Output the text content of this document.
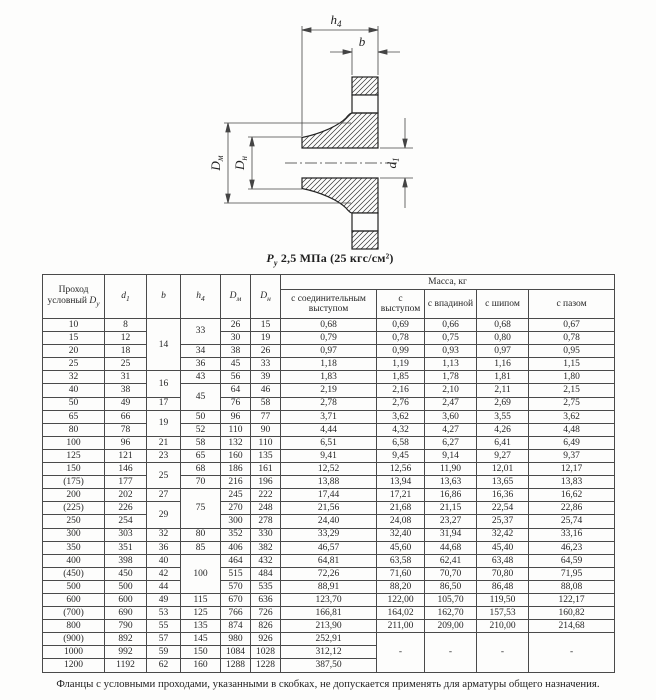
$h_4$
b
$D_м$
$D_н$
$d_1$
$P_у$ 2,5 МПа (25 кгс/см²)
Проход
условный $D_у$	$d_1$	b	$h_4$	$D_м$	$D_н$	Масса, кг				
						с соединительным выступом	с выступом	с впадиной	с шипом	с пазом
10	8	14	33	26	15	0,68	0,69	0,66	0,68	0,67
15	12			30	19	0,79	0,78	0,75	0,80	0,78
20	18		34	38	26	0,97	0,99	0,93	0,97	0,95
25	25		36	45	33	1,18	1,19	1,13	1,16	1,15
32	31	16	43	56	39	1,83	1,85	1,78	1,81	1,80
40	38		45	64	46	2,19	2,16	2,10	2,11	2,15
50	49	17		76	58	2,78	2,76	2,47	2,69	2,75
65	66	19	50	96	77	3,71	3,62	3,60	3,55	3,62
80	78		52	110	90	4,44	4,32	4,27	4,26	4,48
100	96	21	58	132	110	6,51	6,58	6,27	6,41	6,49
125	121	23	65	160	135	9,41	9,45	9,14	9,27	9,37
150	146	25	68	186	161	12,52	12,56	11,90	12,01	12,17
(175)	177		70	216	196	13,88	13,94	13,63	13,65	13,83
200	202	27	75	245	222	17,44	17,21	16,86	16,36	16,62
(225)	226	29		270	248	21,56	21,68	21,15	22,54	22,86
250	254			300	278	24,40	24,08	23,27	25,37	25,74
300	303	32	80	352	330	33,29	32,40	31,94	32,42	33,16
350	351	36	85	406	382	46,57	45,60	44,68	45,40	46,23
400	398	40	100	464	432	64,81	63,58	62,41	63,48	64,59
(450)	450	42		515	484	72,26	71,60	70,70	70,80	71,95
500	500	44		570	535	88,91	88,20	86,50	86,48	88,08
600	600	49	115	670	636	123,70	122,00	105,70	119,50	122,17
(700)	690	53	125	766	726	166,81	164,02	162,70	157,53	160,82
800	790	55	135	874	826	213,90	211,00	209,00	210,00	214,68
(900)	892	57	145	980	926	252,91	-	-	-	-
1000	992	59	150	1084	1028	312,12				
1200	1192	62	160	1288	1228	387,50				
Фланцы с условными проходами, указанными в скобках, не допускается применять для арматуры общего назначения.
